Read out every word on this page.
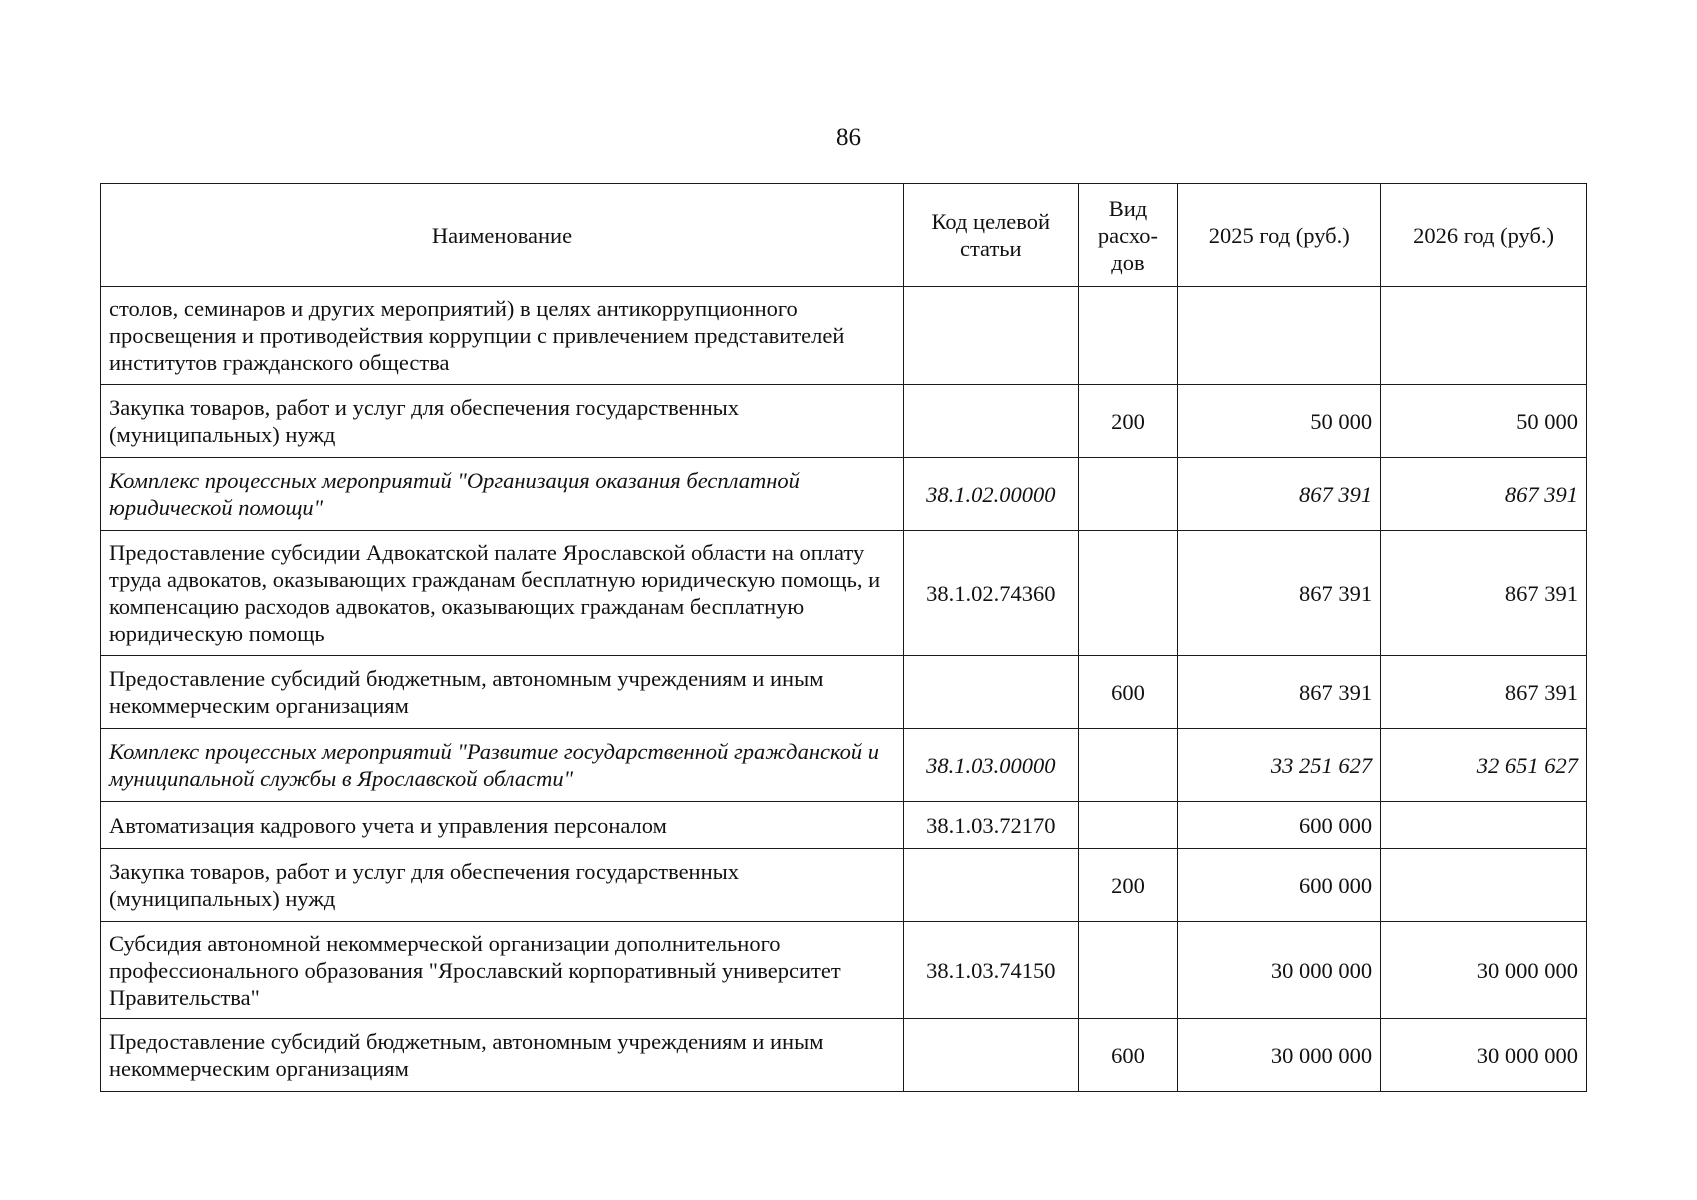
86
Наименование	Код целевой статьи	Вид расхо-дов	2025 год (руб.)	2026 год (руб.)
столов, семинаров и других мероприятий) в целях антикоррупционного просвещения и противодействия коррупции с привлечением представителей институтов гражданского общества				
Закупка товаров, работ и услуг для обеспечения государственных (муниципальных) нужд		200	50 000	50 000
Комплекс процессных мероприятий "Организация оказания бесплатной юридической помощи"	38.1.02.00000		867 391	867 391
Предоставление субсидии Адвокатской палате Ярославской области на оплату труда адвокатов, оказывающих гражданам бесплатную юридическую помощь, и компенсацию расходов адвокатов, оказывающих гражданам бесплатную юридическую помощь	38.1.02.74360		867 391	867 391
Предоставление субсидий бюджетным, автономным учреждениям и иным некоммерческим организациям		600	867 391	867 391
Комплекс процессных мероприятий "Развитие государственной гражданской и муниципальной службы в Ярославской области"	38.1.03.00000		33 251 627	32 651 627
Автоматизация кадрового учета и управления персоналом	38.1.03.72170		600 000	
Закупка товаров, работ и услуг для обеспечения государственных (муниципальных) нужд		200	600 000	
Субсидия автономной некоммерческой организации дополнительного профессионального образования "Ярославский корпоративный университет Правительства"	38.1.03.74150		30 000 000	30 000 000
Предоставление субсидий бюджетным, автономным учреждениям и иным некоммерческим организациям		600	30 000 000	30 000 000
